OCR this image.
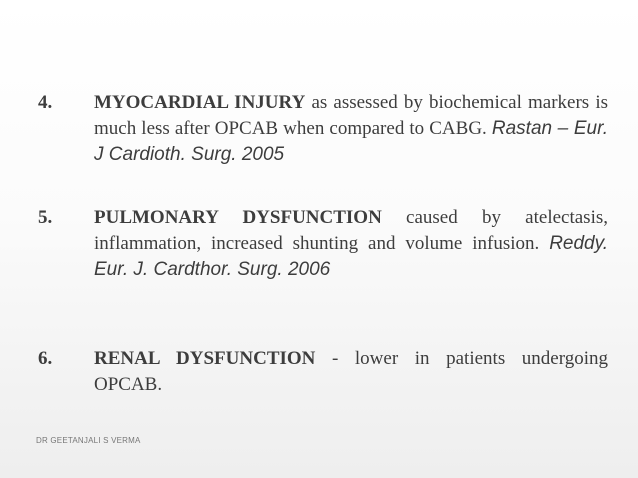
4.	MYOCARDIAL INJURY as assessed by biochemical markers is much less after OPCAB when compared to CABG. Rastan – Eur. J Cardioth. Surg. 2005
5.	PULMONARY DYSFUNCTION caused by atelectasis, inflammation, increased shunting and volume infusion. Reddy. Eur. J. Cardthor. Surg. 2006
6.	RENAL DYSFUNCTION - lower in patients undergoing OPCAB.
DR GEETANJALI S VERMA
